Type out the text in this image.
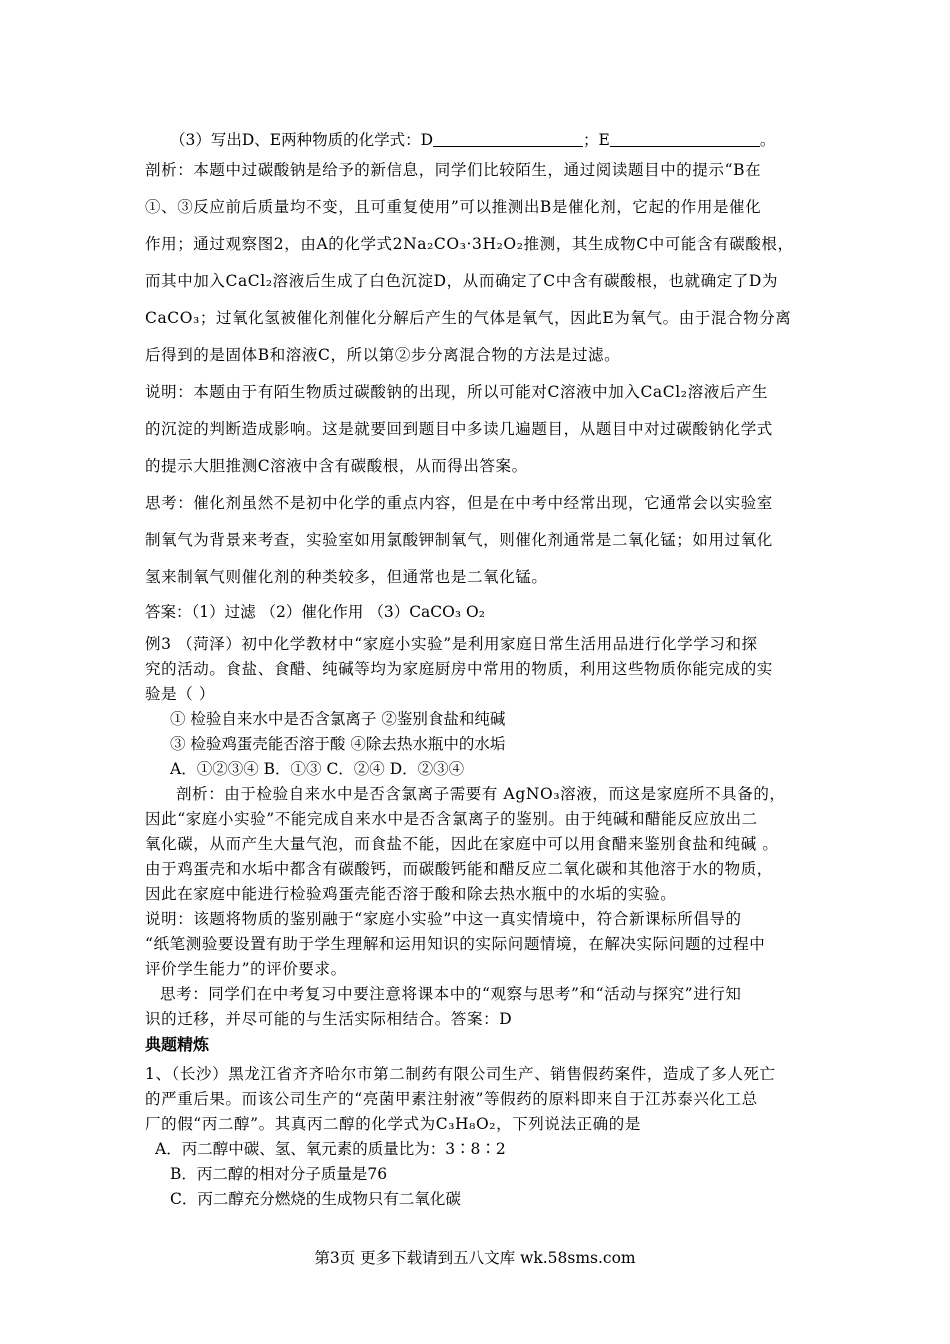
（3）写出D、E两种物质的化学式：D	；E	。
剖析：本题中过碳酸钠是给予的新信息，同学们比较陌生，通过阅读题目中的提示“B在
①、③反应前后质量均不变，且可重复使用”可以推测出B是催化剂，它起的作用是催化
作用；通过观察图2，由A的化学式2Na₂CO₃·3H₂O₂推测，其生成物C中可能含有碳酸根，
而其中加入CaCl₂溶液后生成了白色沉淀D，从而确定了C中含有碳酸根，也就确定了D为
CaCO₃；过氧化氢被催化剂催化分解后产生的气体是氧气，因此E为氧气。由于混合物分离
后得到的是固体B和溶液C，所以第②步分离混合物的方法是过滤。
说明：本题由于有陌生物质过碳酸钠的出现，所以可能对C溶液中加入CaCl₂溶液后产生
的沉淀的判断造成影响。这是就要回到题目中多读几遍题目，从题目中对过碳酸钠化学式
的提示大胆推测C溶液中含有碳酸根，从而得出答案。
思考：催化剂虽然不是初中化学的重点内容，但是在中考中经常出现，它通常会以实验室
制氧气为背景来考查，实验室如用氯酸钾制氧气，则催化剂通常是二氧化锰；如用过氧化
氢来制氧气则催化剂的种类较多，但通常也是二氧化锰。
答案：（1）过滤 （2）催化作用 （3）CaCO₃ O₂
例3 （菏泽）初中化学教材中“家庭小实验”是利用家庭日常生活用品进行化学学习和探
究的活动。食盐、食醋、纯碱等均为家庭厨房中常用的物质，利用这些物质你能完成的实
验是（ ）
① 检验自来水中是否含氯离子 ②鉴别食盐和纯碱
③ 检验鸡蛋壳能否溶于酸 ④除去热水瓶中的水垢
A．①②③④ B．①③ C．②④ D．②③④
剖析：由于检验自来水中是否含氯离子需要有 AgNO₃溶液，而这是家庭所不具备的，
因此“家庭小实验”不能完成自来水中是否含氯离子的鉴别。由于纯碱和醋能反应放出二
氧化碳，从而产生大量气泡，而食盐不能，因此在家庭中可以用食醋来鉴别食盐和纯碱 。
由于鸡蛋壳和水垢中都含有碳酸钙，而碳酸钙能和醋反应二氧化碳和其他溶于水的物质，
因此在家庭中能进行检验鸡蛋壳能否溶于酸和除去热水瓶中的水垢的实验。
说明：该题将物质的鉴别融于“家庭小实验”中这一真实情境中，符合新课标所倡导的
“纸笔测验要设置有助于学生理解和运用知识的实际问题情境，在解决实际问题的过程中
评价学生能力”的评价要求。
思考：同学们在中考复习中要注意将课本中的“观察与思考”和“活动与探究”进行知
识的迁移，并尽可能的与生活实际相结合。答案：D
典题精炼
1、（长沙）黑龙江省齐齐哈尔市第二制药有限公司生产、销售假药案件，造成了多人死亡
的严重后果。而该公司生产的“亮菌甲素注射液”等假药的原料即来自于江苏泰兴化工总
厂的假“丙二醇”。其真丙二醇的化学式为C₃H₈O₂，下列说法正确的是
A．丙二醇中碳、氢、氧元素的质量比为：3∶8∶2
B．丙二醇的相对分子质量是76
C．丙二醇充分燃烧的生成物只有二氧化碳
第3页 更多下载请到五八文库 wk.58sms.com
